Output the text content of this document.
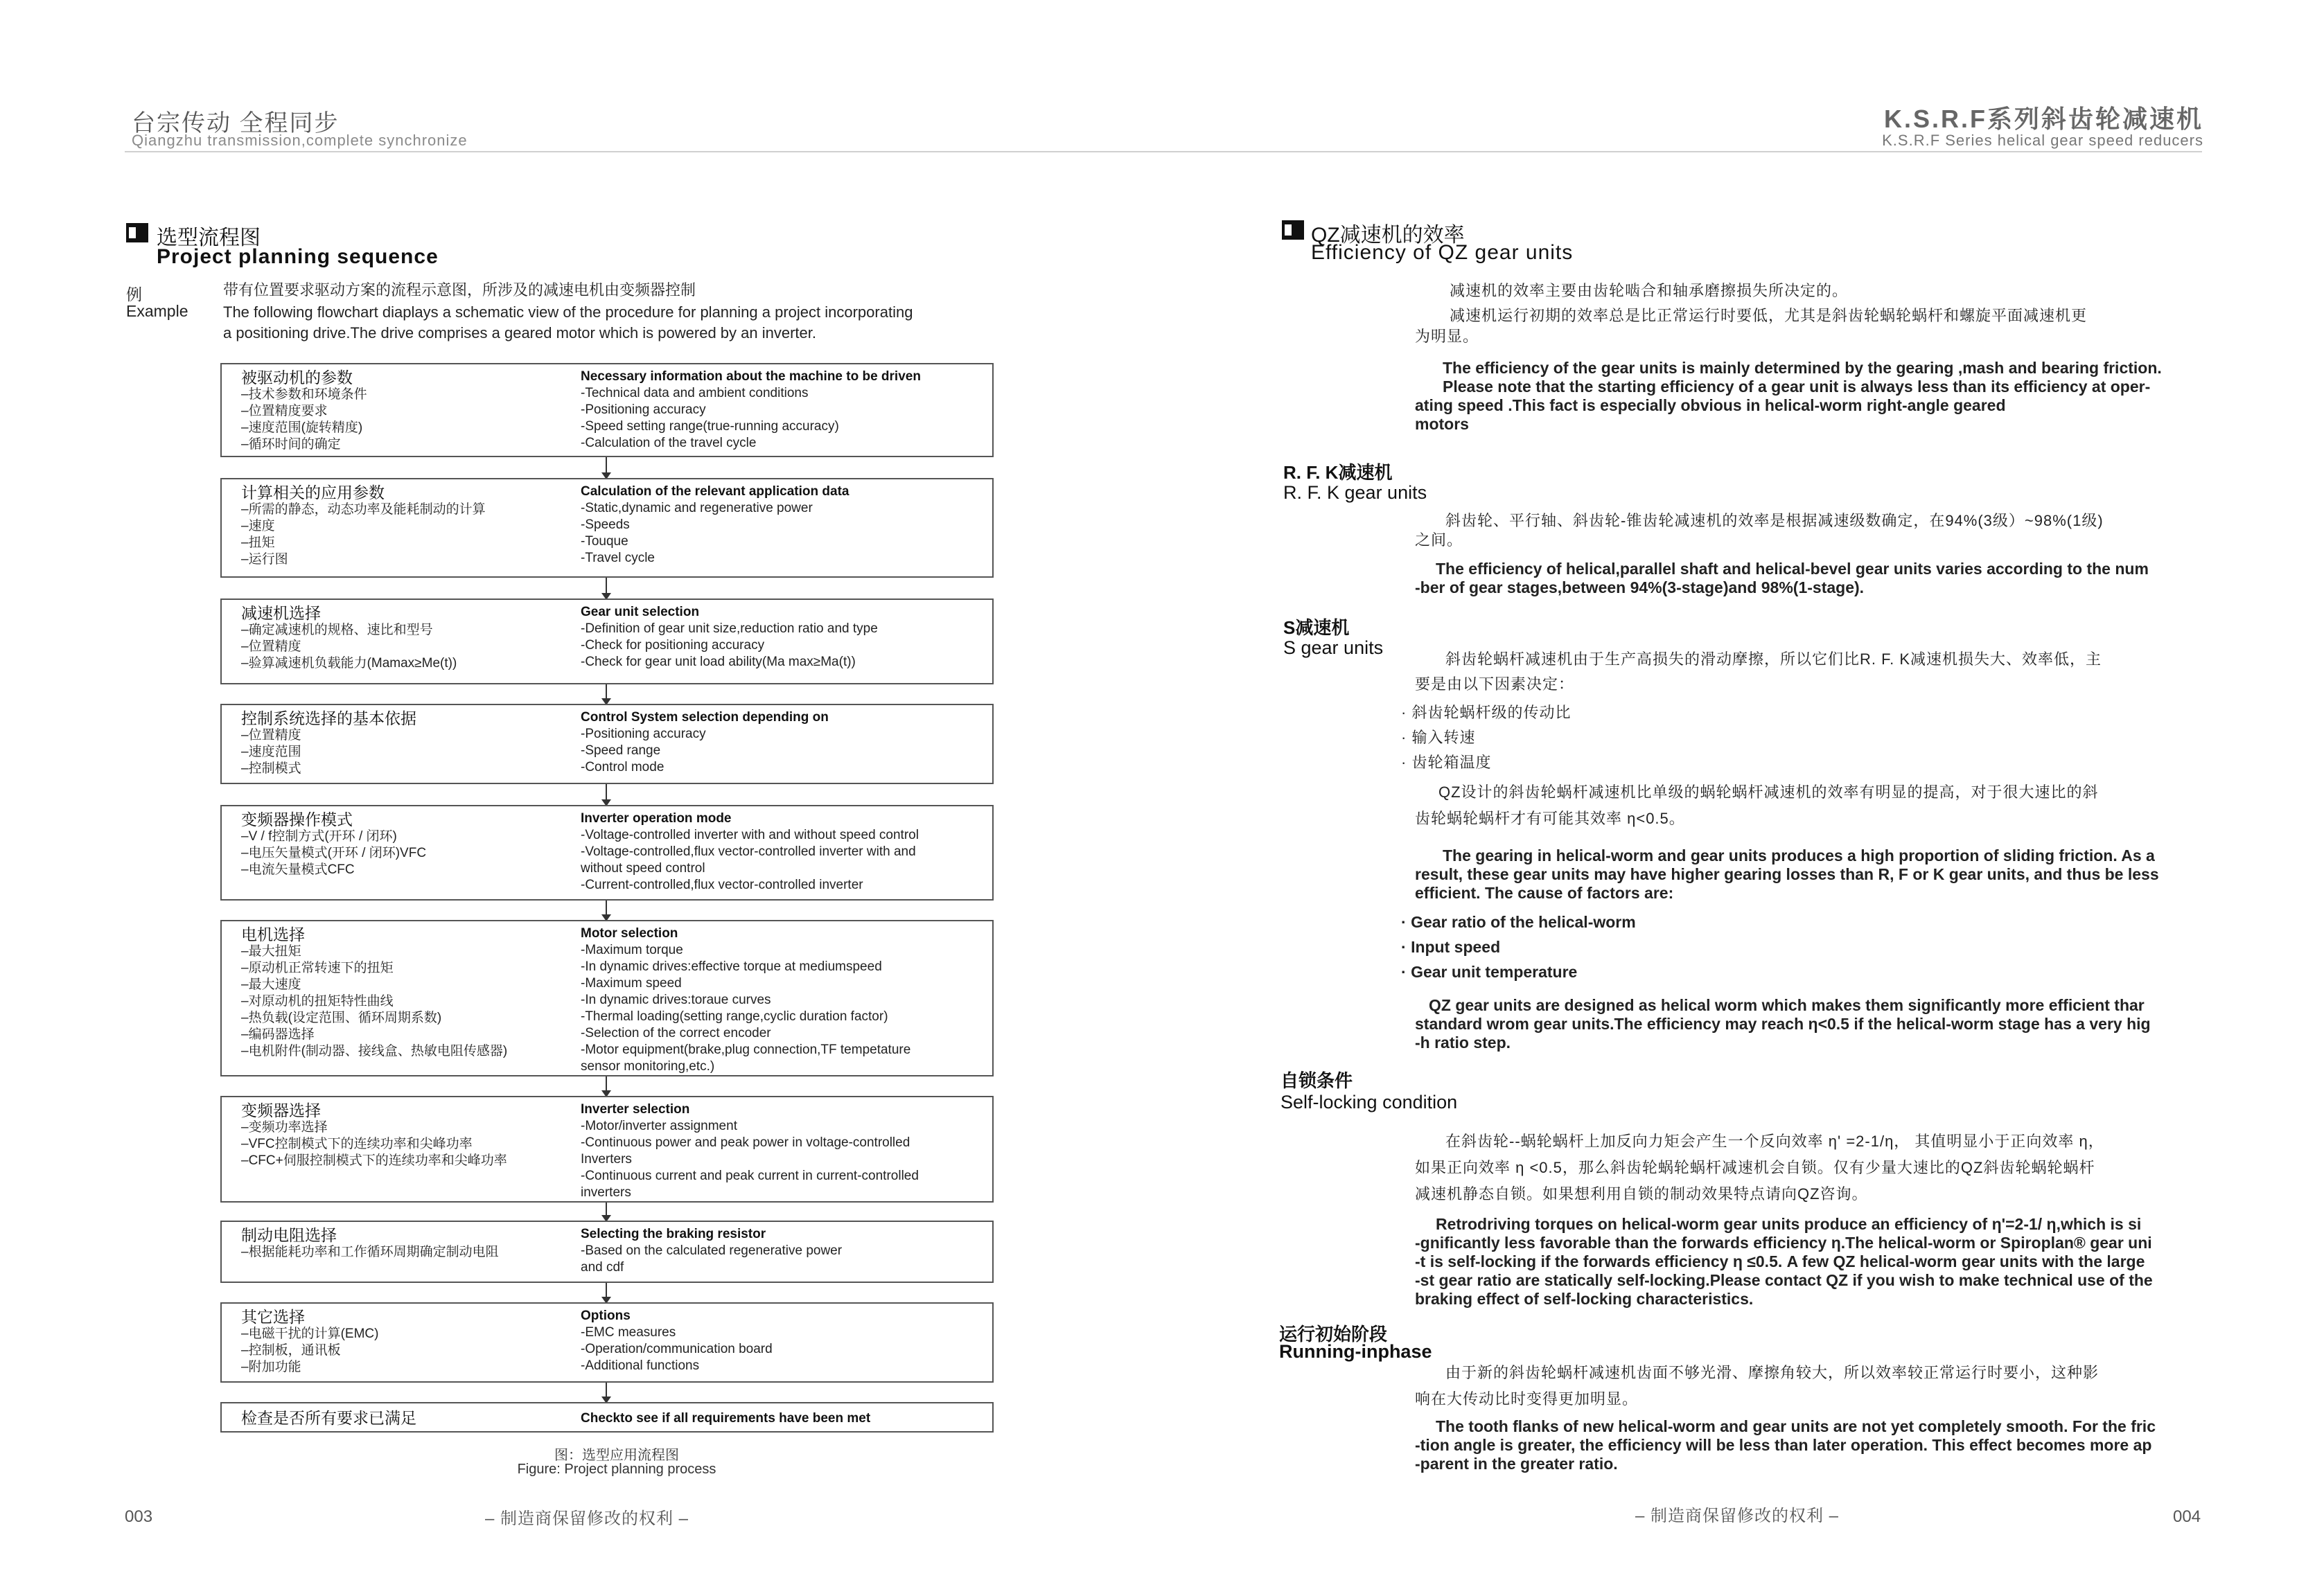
台宗传动 全程同步
Qiangzhu transmission,complete synchronize
K.S.R.F系列斜齿轮减速机
K.S.R.F Series helical gear speed reducers
选型流程图
Project planning sequence
例
Example
带有位置要求驱动方案的流程示意图，所涉及的减速电机由变频器控制
The following flowchart diaplays a schematic view of the procedure for planning a project incorporating
a positioning drive.The drive comprises a geared motor which is powered by an inverter.
被驱动机的参数
–技术参数和环境条件
–位置精度要求
–速度范围(旋转精度)
–循环时间的确定
Necessary information about the machine to be driven
-Technical data and ambient conditions
-Positioning accuracy
-Speed setting range(true-running accuracy)
-Calculation of the travel cycle
计算相关的应用参数
–所需的静态，动态功率及能耗制动的计算
–速度
–扭矩
–运行图
Calculation of the relevant application data
-Static,dynamic and regenerative power
-Speeds
-Touque
-Travel cycle
减速机选择
–确定减速机的规格、速比和型号
–位置精度
–验算减速机负载能力(Mamax≥Me(t))
Gear unit selection
-Definition of gear unit size,reduction ratio and type
-Check for positioning accuracy
-Check for gear unit load ability(Ma max≥Ma(t))
控制系统选择的基本依据
–位置精度
–速度范围
–控制模式
Control System selection depending on
-Positioning accuracy
-Speed range
-Control mode
变频器操作模式
–V / f控制方式(开环 / 闭环)
–电压矢量模式(开环 / 闭环)VFC
–电流矢量模式CFC
Inverter operation mode
-Voltage-controlled inverter with and without speed control
-Voltage-controlled,flux vector-controlled inverter with and
without speed control
-Current-controlled,flux vector-controlled inverter
电机选择
–最大扭矩
–原动机正常转速下的扭矩
–最大速度
–对原动机的扭矩特性曲线
–热负载(设定范围、循环周期系数)
–编码器选择
–电机附件(制动器、接线盒、热敏电阻传感器)
Motor selection
-Maximum torque
-In dynamic drives:effective torque at mediumspeed
-Maximum speed
-In dynamic drives:toraue curves
-Thermal loading(setting range,cyclic duration factor)
-Selection of the correct encoder
-Motor equipment(brake,plug connection,TF tempetature
sensor monitoring,etc.)
变频器选择
–变频功率选择
–VFC控制模式下的连续功率和尖峰功率
–CFC+伺服控制模式下的连续功率和尖峰功率
Inverter selection
-Motor/inverter assignment
-Continuous power and peak power in voltage-controlled
Inverters
-Continuous current and peak current in current-controlled
inverters
制动电阻选择
–根据能耗功率和工作循环周期确定制动电阻
Selecting the braking resistor
-Based on the calculated regenerative power
and cdf
其它选择
–电磁干扰的计算(EMC)
–控制板，通讯板
–附加功能
Options
-EMC measures
-Operation/communication board
-Additional functions
检查是否所有要求已满足	Checkto see if all requirements have been met
图：选型应用流程图
Figure: Project planning process
003	– 制造商保留修改的权利 –
QZ减速机的效率
Efficiency of QZ gear units
减速机的效率主要由齿轮啮合和轴承磨擦损失所决定的。
减速机运行初期的效率总是比正常运行时要低，尤其是斜齿轮蜗轮蜗杆和螺旋平面减速机更
为明显。
The efficiency of the gear units is mainly determined by the gearing ,mash and bearing friction.
Please note that the starting efficiency of a gear unit is always less than its efficiency at oper-
ating speed .This fact is especially obvious in helical-worm right-angle geared
motors
R. F. K减速机
R. F. K gear units
斜齿轮、平行轴、斜齿轮-锥齿轮减速机的效率是根据减速级数确定，在94%(3级）~98%(1级)
之间。
The efficiency of helical,parallel shaft and helical-bevel gear units varies according to the num
-ber of gear stages,between 94%(3-stage)and 98%(1-stage).
S减速机
S gear units
斜齿轮蜗杆减速机由于生产高损失的滑动摩擦，所以它们比R. F. K减速机损失大、效率低，主
要是由以下因素决定：
· 斜齿轮蜗杆级的传动比
· 输入转速
· 齿轮箱温度
QZ设计的斜齿轮蜗杆减速机比单级的蜗轮蜗杆减速机的效率有明显的提高，对于很大速比的斜
齿轮蜗轮蜗杆才有可能其效率 η<0.5。
The gearing in helical-worm and gear units produces a high proportion of sliding friction. As a
result, these gear units may have higher gearing losses than R, F or K gear units, and thus be less
efficient. The cause of factors are:
· Gear ratio of the helical-worm
· Input speed
· Gear unit temperature
QZ gear units are designed as helical worm which makes them significantly more efficient thar
standard wrom gear units.The efficiency may reach η<0.5 if the helical-worm stage has a very hig
-h ratio step.
自锁条件
Self-locking condition
在斜齿轮--蜗轮蜗杆上加反向力矩会产生一个反向效率 η' =2-1/η， 其值明显小于正向效率 η，
如果正向效率 η <0.5，那么斜齿轮蜗轮蜗杆减速机会自锁。仅有少量大速比的QZ斜齿轮蜗轮蜗杆
减速机静态自锁。如果想利用自锁的制动效果特点请向QZ咨询。
Retrodriving torques on helical-worm gear units produce an efficiency of η'=2-1/ η,which is si
-gnificantly less favorable than the forwards efficiency η.The helical-worm or Spiroplan® gear uni
-t is self-locking if the forwards efficiency η ≤0.5. A few QZ helical-worm gear units with the large
-st gear ratio are statically self-locking.Please contact QZ if you wish to make technical use of the
braking effect of self-locking characteristics.
运行初始阶段
Running-inphase
由于新的斜齿轮蜗杆减速机齿面不够光滑、摩擦角较大，所以效率较正常运行时要小，这种影
响在大传动比时变得更加明显。
The tooth flanks of new helical-worm and gear units are not yet completely smooth. For the fric
-tion angle is greater, the efficiency will be less than later operation. This effect becomes more ap
-parent in the greater ratio.
– 制造商保留修改的权利 –	004
